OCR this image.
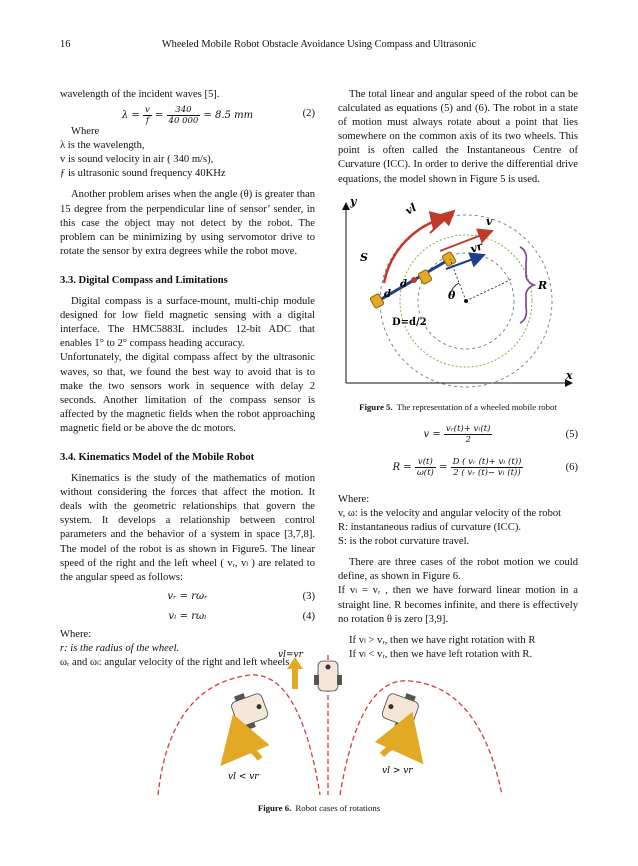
16	Wheeled Mobile Robot Obstacle Avoidance Using Compass and Ultrasonic

wavelength of the incident waves [5].

$\lambda = \frac{v}{f} = \frac{340}{40 000} = 8.5$ mm	(2)

Where

λ is the wavelength,

v is sound velocity in air ( 340 m/s),

ƒ is ultrasonic sound frequency 40KHz

Another problem arises when the angle (θ) is greater than 15 degree from the perpendicular line of sensor’ sender, in this case the object may not detect by the robot. The problem can be minimizing by using servomotor drive to rotate the sensor by extra degrees while the robot move.

3.3. Digital Compass and Limitations

Digital compass is a surface-mount, multi-chip module designed for low field magnetic sensing with a digital interface. The HMC5883L includes 12-bit ADC that enables 1° to 2° compass heading accuracy.

Unfortunately, the digital compass affect by the ultrasonic waves, so that, we found the best way to avoid that is to make the two sensors work in sequence with delay 2 seconds. Another limitation of the compass sensor is affected by the magnetic fields when the robot approaching magnetic field or be above the dc motors.

3.4. Kinematics Model of the Mobile Robot

Kinematics is the study of the mathematics of motion without considering the forces that affect the motion. It deals with the geometric relationships that govern the system. It develops a relationship between control parameters and the behavior of a system in space [3,7,8]. The model of the robot is as shown in Figure5. The linear speed of the right and the left wheel ( vᵣ, vₗ ) are related to the angular speed as follows:

vᵣ = rωᵣ	(3)
vₗ = rωₗ	(4)

Where:

r: is the radius of the wheel.

ωᵣ and ωₗ: angular velocity of the right and left wheels.

The total linear and angular speed of the robot can be calculated as equations (5) and (6). The robot in a state of motion must always rotate about a point that lies somewhere on the common axis of its two wheels. This point is often called the Instantaneous Centre of Curvature (ICC). In order to derive the differential drive equations, the model shown in Figure 5 is used.

y
x
S
vl
v
vr
d
d
D=d/2
θ
R

Figure 5. The representation of a wheeled mobile robot

$v = \frac{\text{vᵣ(t)+ vₗ(t)}}{2}$	(5)
$R = \frac{v(t)}{\omega(t)} = \frac{\text{D ( vᵣ (t)+ vₗ (t))}}{\text{2 ( vᵣ (t)− vₗ (t))}}$	(6)

Where:

v, ω: is the velocity and angular velocity of the robot

R: instantaneous radius of curvature (ICC).

S: is the robot curvature travel.

There are three cases of the robot motion we could define, as shown in Figure 6.

If vₗ = vᵣ , then we have forward linear motion in a straight line. R becomes infinite, and there is effectively no rotation θ is zero [3,9].

If vₗ > vᵣ, then we have right rotation with R

If vₗ < vᵣ, then we have left rotation with R.

vl=vr
vl < vr
vl > vr
Figure 6. Robot cases of rotations
